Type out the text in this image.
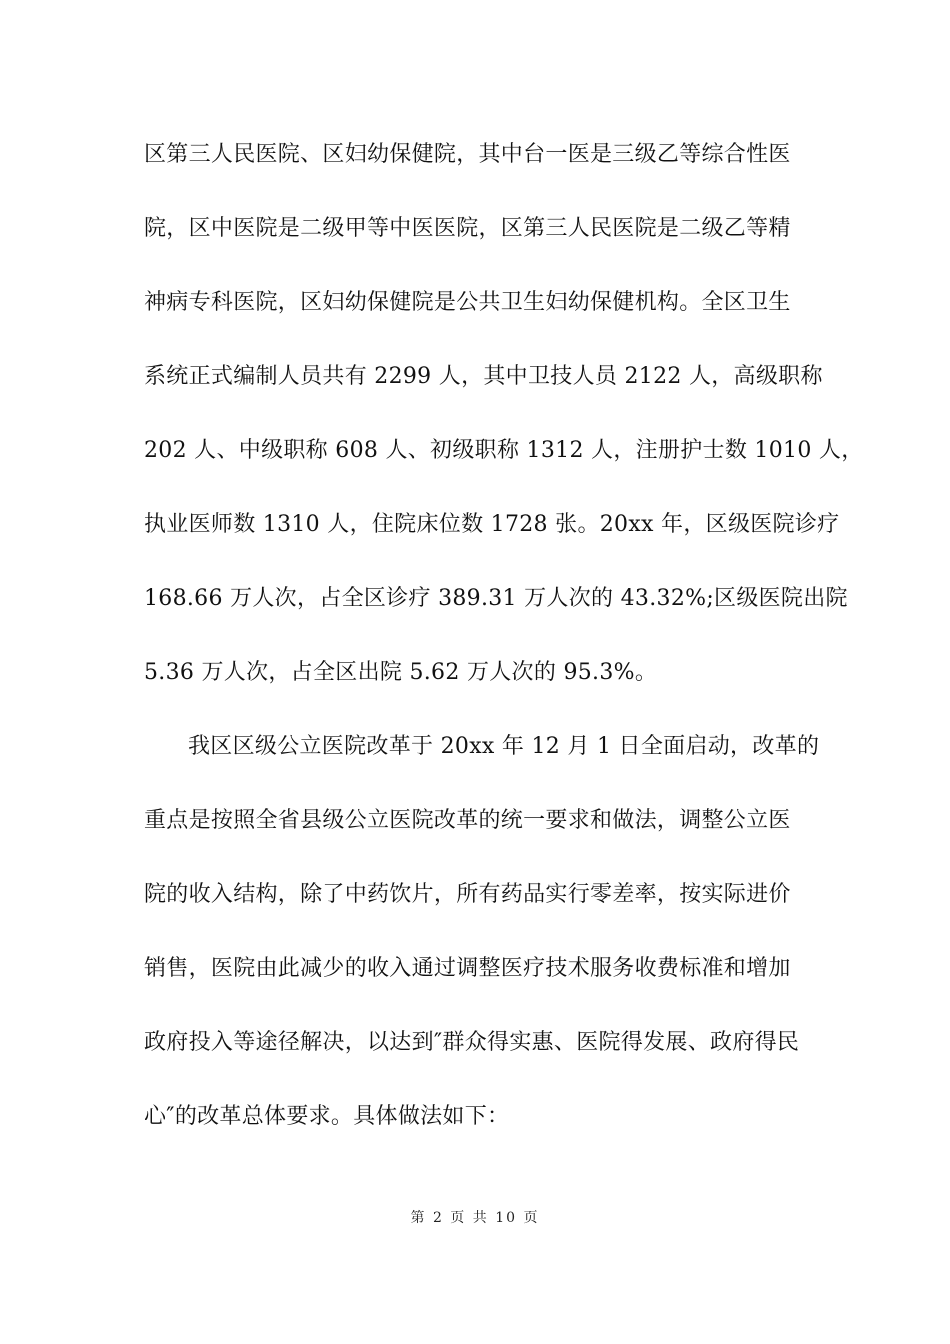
区第三人民医院、区妇幼保健院，其中台一医是三级乙等综合性医
院，区中医院是二级甲等中医医院，区第三人民医院是二级乙等精
神病专科医院，区妇幼保健院是公共卫生妇幼保健机构。全区卫生
系统正式编制人员共有 2299 人，其中卫技人员 2122 人，高级职称
202 人、中级职称 608 人、初级职称 1312 人，注册护士数 1010 人，
执业医师数 1310 人，住院床位数 1728 张。20xx 年，区级医院诊疗
168.66 万人次，占全区诊疗 389.31 万人次的 43.32%;区级医院出院
5.36 万人次，占全区出院 5.62 万人次的 95.3%。
我区区级公立医院改革于 20xx 年 12 月 1 日全面启动，改革的
重点是按照全省县级公立医院改革的统一要求和做法，调整公立医
院的收入结构，除了中药饮片，所有药品实行零差率，按实际进价
销售，医院由此减少的收入通过调整医疗技术服务收费标准和增加
政府投入等途径解决，以达到″群众得实惠、医院得发展、政府得民
心″的改革总体要求。具体做法如下：
第 2 页 共 10 页
